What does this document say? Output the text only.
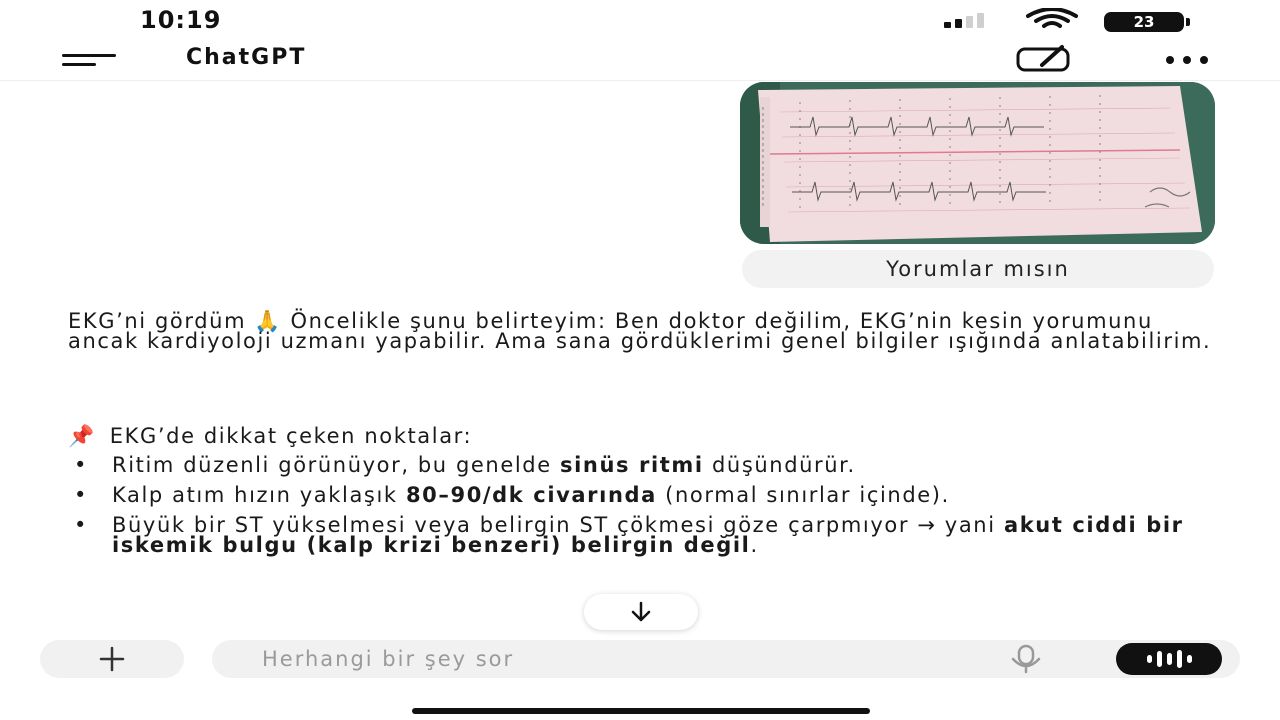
10:19	23
ChatGPT
Yorumlar mısın
EKG’ni gördüm 🙏 Öncelikle şunu belirteyim: Ben doktor değilim, EKG’nin kesin yorumunu ancak kardiyoloji uzmanı yapabilir. Ama sana gördüklerimi genel bilgiler ışığında anlatabilirim.
📌 EKG’de dikkat çeken noktalar:
• Ritim düzenli görünüyor, bu genelde sinüs ritmi düşündürür.
• Kalp atım hızın yaklaşık 80–90/dk civarında (normal sınırlar içinde).
• Büyük bir ST yükselmesi veya belirgin ST çökmesi göze çarpmıyor → yani akut ciddi bir iskemik bulgu (kalp krizi benzeri) belirgin değil.
Herhangi bir şey sor
